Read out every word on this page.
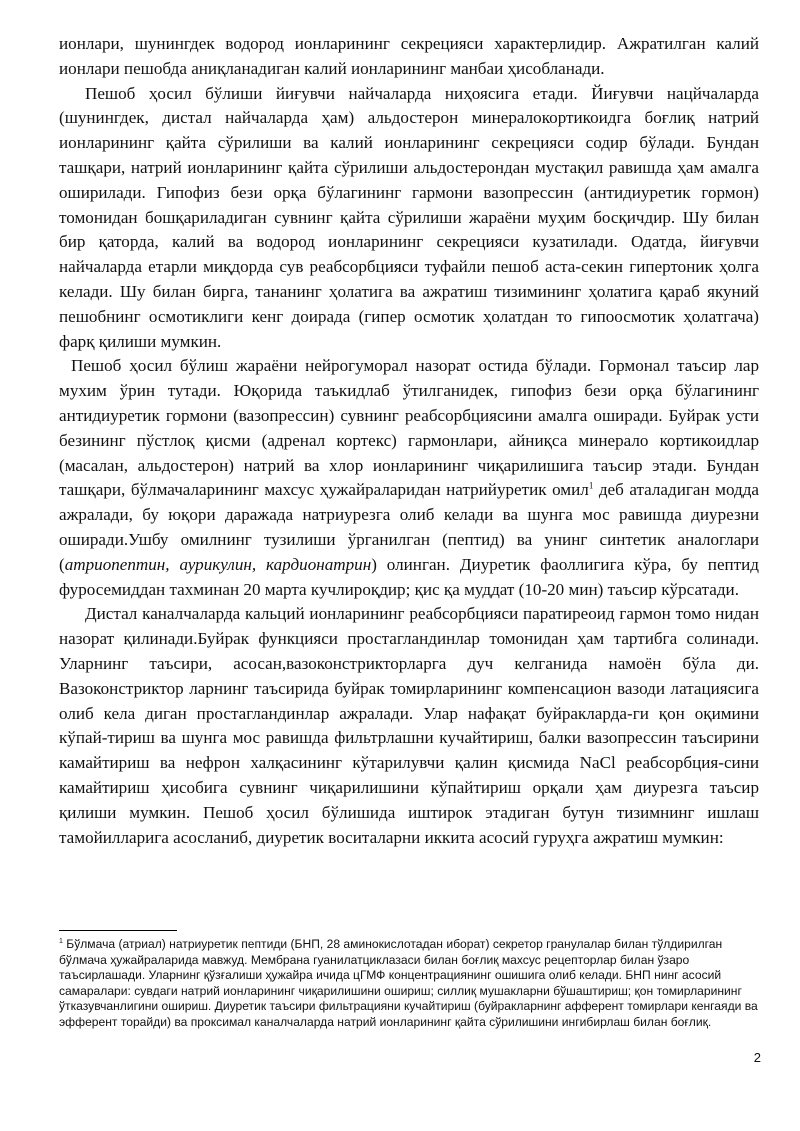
ионлари, шунингдек водород ионларининг секрецияси характерлидир. Ажратилган калий ионлари пешобда аниқланадиган калий ионларининг манбаи ҳисобланади.

Пешоб ҳосил бўлиши йиғувчи найчаларда ниҳоясига етади. Йиғувчи нацйчаларда (шунингдек, дистал найчаларда ҳам) альдостерон минералокортикоидга боғлиқ натрий ионларининг қайта сўрилиши ва калий ионларининг секрецияси содир бўлади. Бундан ташқари, натрий ионларининг қайта сўрилиши альдостерондан мустақил равишда ҳам амалга оширилади. Гипофиз бези орқа бўлагининг гармони вазопрессин (антидиуретик гормон) томонидан бошқариладиган сувнинг қайта сўрилиши жараёни муҳим босқичдир. Шу билан бир қаторда, калий ва водород ионларининг секрецияси кузатилади. Одатда, йиғувчи найчаларда етарли миқдорда сув реабсорбцияси туфайли пешоб аста-секин гипертоник ҳолга келади. Шу билан бирга, тананинг ҳолатига ва ажратиш тизимининг ҳолатига қараб якуний пешобнинг осмотиклиги кенг доирада (гипер осмотик ҳолатдан то гипоосмотик ҳолатгача) фарқ қилиши мумкин.

Пешоб ҳосил бўлиш жараёни нейрогуморал назорат остида бўлади. Гормонал таъсир лар мухим ўрин тутади. Юқорида таъкидлаб ўтилганидек, гипофиз бези орқа бўлагининг антидиуретик гормони (вазопрессин) сувнинг реабсорбциясини амалга оширади. Буйрак усти безининг пўстлоқ қисми (адренал кортекс) гармонлари, айниқса минерало кортикоидлар (масалан, альдостерон) натрий ва хлор ионларининг чиқарилишига таъсир этади. Бундан ташқари, бўлмачаларининг махсус ҳужайраларидан натрийуретик омил$^1$ деб аталадиган модда ажралади, бу юқори даражада натриурезга олиб келади ва шунга мос равишда диурезни оширади.Ушбу омилнинг тузилиши ўрганилган (пептид) ва унинг синтетик аналоглари (атриопептин, аурикулин, кардионатрин) олинган. Диуретик фаоллигига кўра, бу пептид фуросемиддан тахминан 20 марта кучлироқдир; қис қа муддат (10-20 мин) таъсир кўрсатади.

Дистал каналчаларда кальций ионларининг реабсорбцияси паратиреоид гармон томо нидан назорат қилинади.Буйрак функцияси простагландинлар томонидан ҳам тартибга солинади. Уларнинг таъсири, асосан,вазоконстрикторларга дуч келганида намоён бўла ди. Вазоконстриктор ларнинг таъсирида буйрак томирларининг компенсацион вазоди латациясига олиб кела диган простагландинлар ажралади. Улар нафақат буйракларда-ги қон оқимини кўпай-тириш ва шунга мос равишда фильтрлашни кучайтириш, балки вазопрессин таъсирини камайтириш ва нефрон халқасининг кўтарилувчи қалин қисмида NaCl реабсорбция-сини камайтириш ҳисобига сувнинг чиқарилишини кўпайтириш орқали ҳам диурезга таъсир қилиши мумкин. Пешоб ҳосил бўлишида иштирок этадиган бутун тизимнинг ишлаш тамойилларига асосланиб, диуретик воситаларни иккита асосий гуруҳга ажратиш мумкин:

$^1$ Бўлмача (атриал) натриуретик пептиди (БНП, 28 аминокислотадан иборат) секретор гранулалар билан тўлдирилган бўлмача ҳужайраларида мавжуд. Мембрана гуанилатциклазаси билан боғлиқ махсус рецепторлар билан ўзаро таъсирлашади. Уларнинг қўзғалиши ҳужайра ичида цГМФ концентрациянинг ошишига олиб келади. БНП нинг асосий самаралари: сувдаги натрий ионларининг чиқарилишини ошириш; силлиқ мушакларни бўшаштириш; қон томирларининг ўтказувчанлигини ошириш. Диуретик таъсири фильтрацияни кучайтириш (буйракларнинг афферент томирлари кенгаяди ва эфферент торайди) ва проксимал каналчаларда натрий ионларининг қайта сўрилишини ингибирлаш билан боғлиқ.
2
